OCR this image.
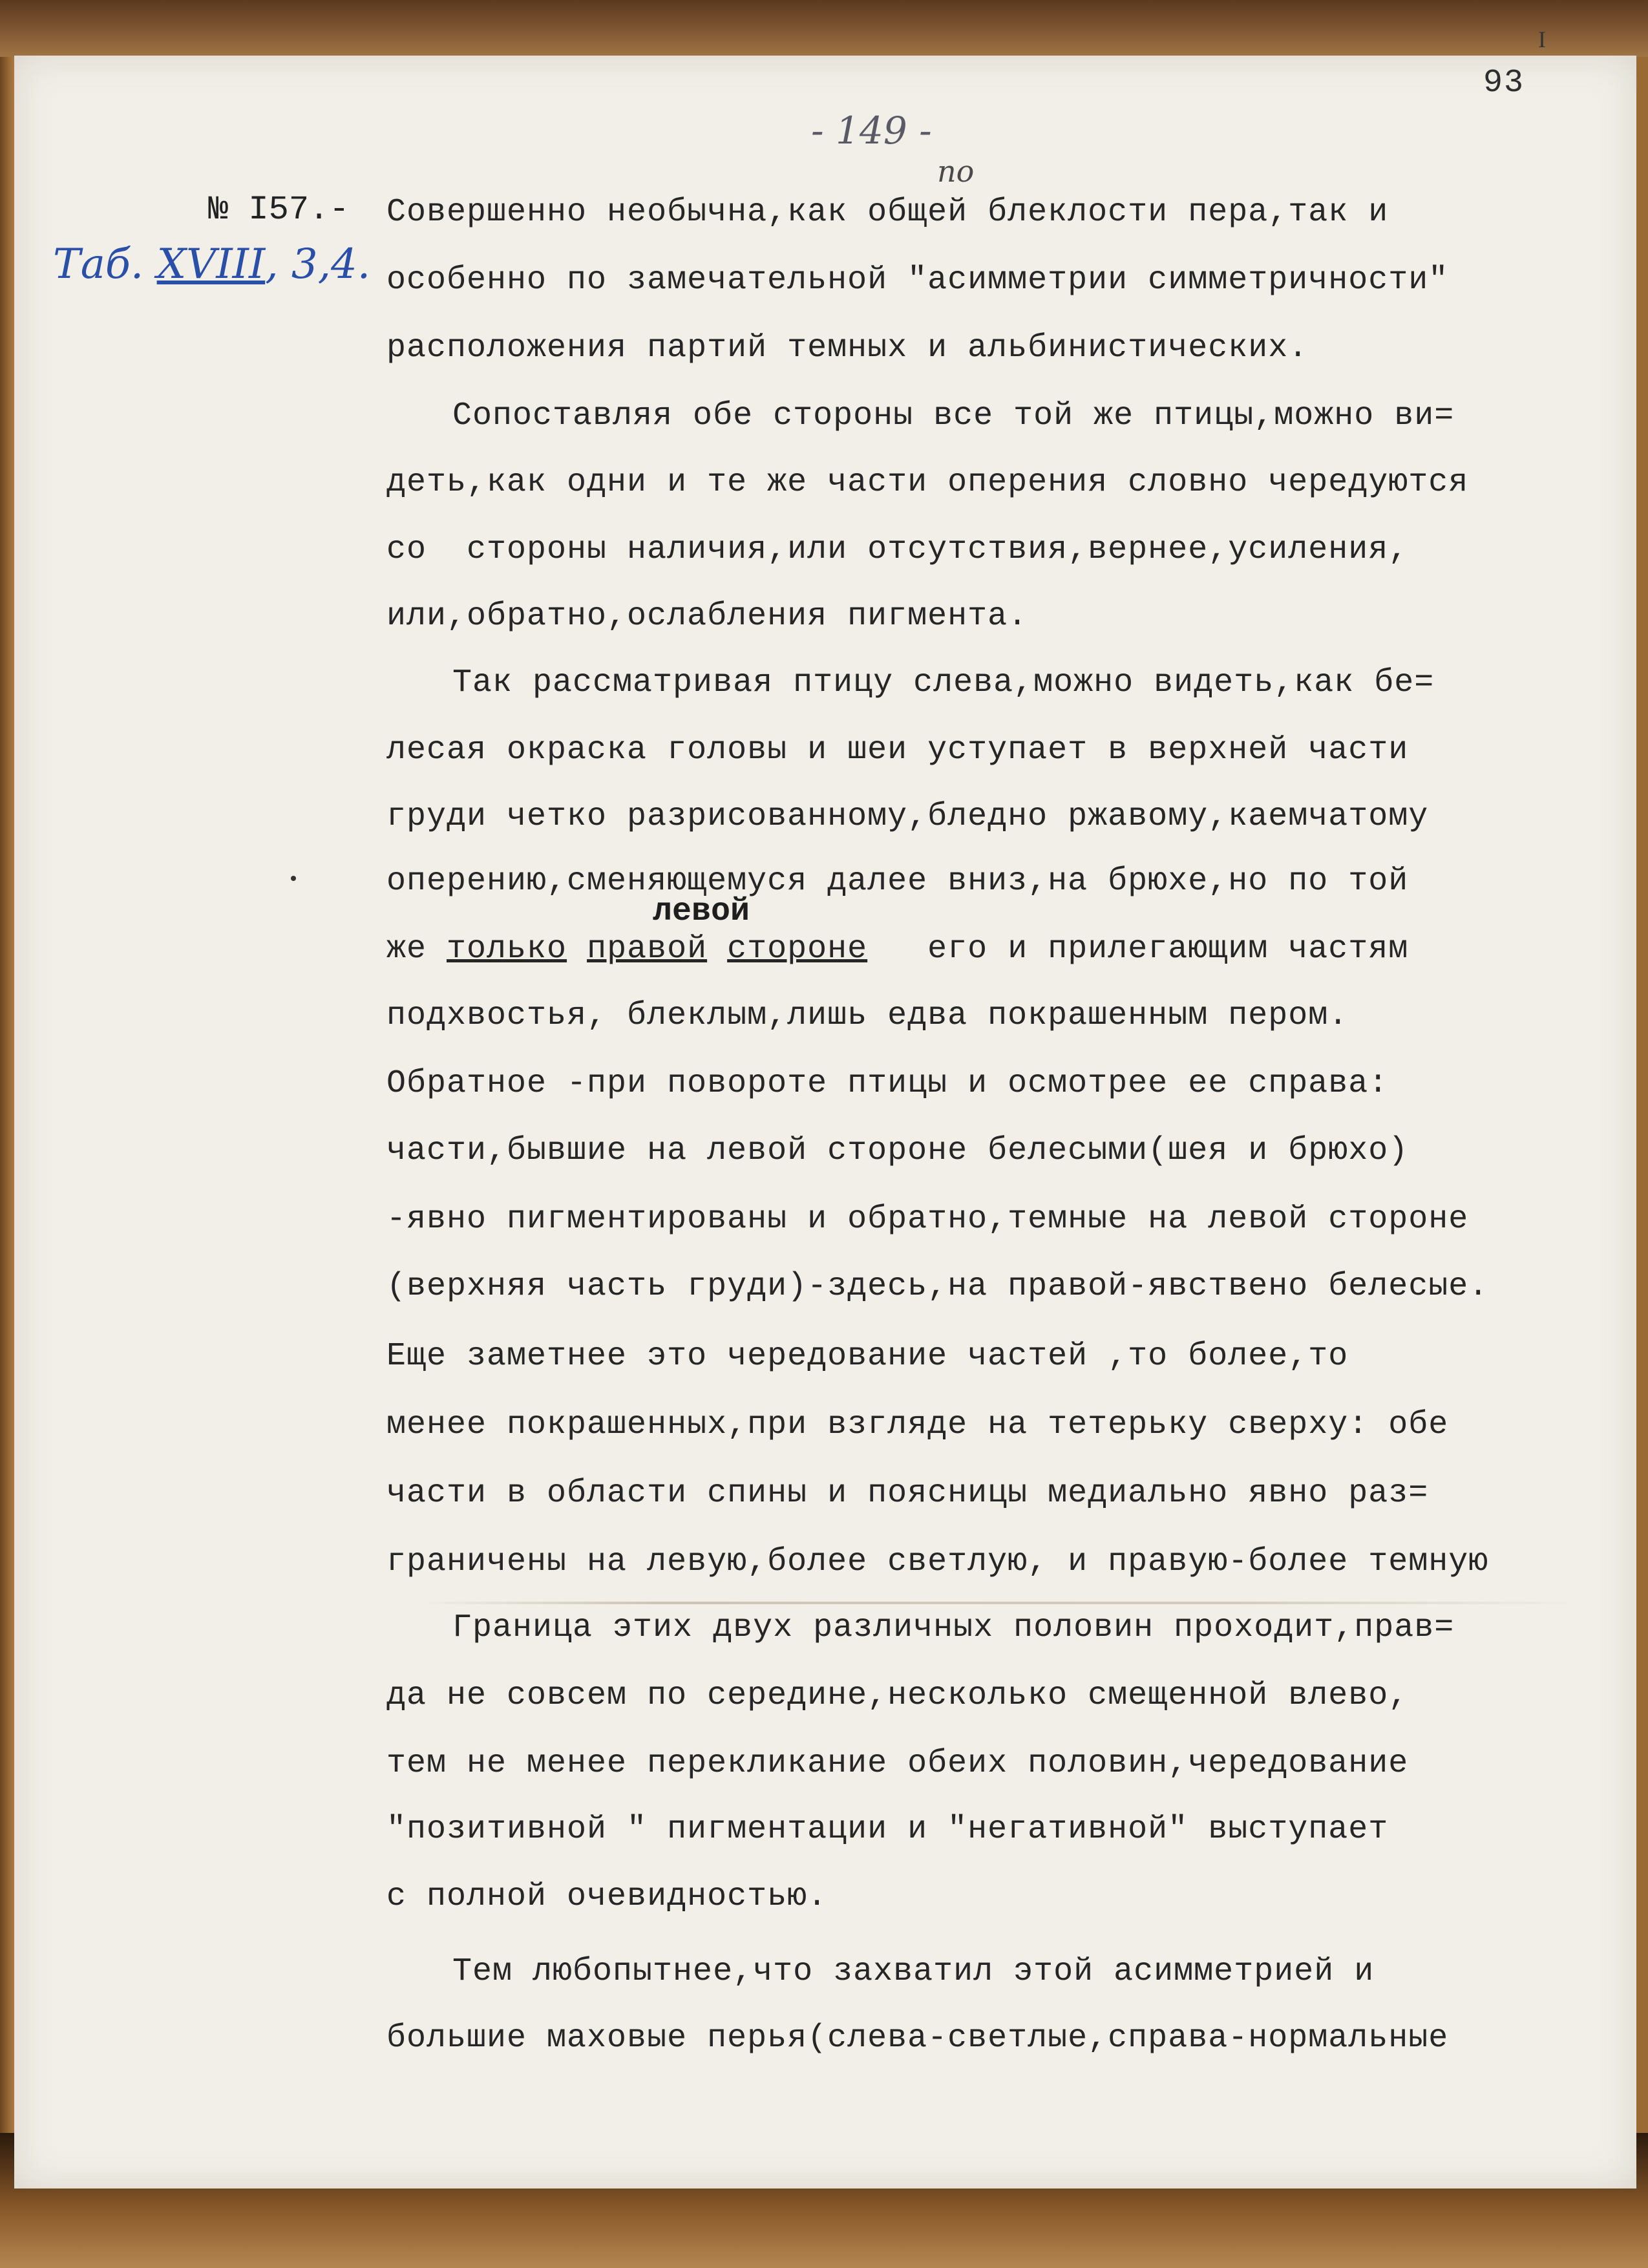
I
93
- 149 -
Таб. XVIII, 3,4.
№ I57.-
по
левой
Совершенно необычна,как общей блеклости пера,так и
особенно по замечательной "асимметрии симметричности"
расположения партий темных и альбинистических.
Сопоставляя обе стороны все той же птицы,можно ви=
деть,как одни и те же части оперения словно чередуются
со  стороны наличия,или отсутствия,вернее,усиления,
или,обратно,ослабления пигмента.
Так рассматривая птицу слева,можно видеть,как бе=
лесая окраска головы и шеи уступает в верхней части
груди четко разрисованному,бледно ржавому,каемчатому
оперению,сменяющемуся далее вниз,на брюхе,но по той
же только правой стороне   его и прилегающим частям
подхвостья, блеклым,лишь едва покрашенным пером.
Обратное -при повороте птицы и осмотрее ее справа:
части,бывшие на левой стороне белесыми(шея и брюхо)
-явно пигментированы и обратно,темные на левой стороне
(верхняя часть груди)-здесь,на правой-явствено белесые.
Еще заметнее это чередование частей ,то более,то
менее покрашенных,при взгляде на тетерьку сверху: обе
части в области спины и поясницы медиально явно раз=
граничены на левую,более светлую, и правую-более темную
Граница этих двух различных половин проходит,прав=
да не совсем по середине,несколько смещенной влево,
тем не менее перекликание обеих половин,чередование
"позитивной " пигментации и "негативной" выступает
с полной очевидностью.
Тем любопытнее,что захватил этой асимметрией и
большие маховые перья(слева-светлые,справа-нормальные
